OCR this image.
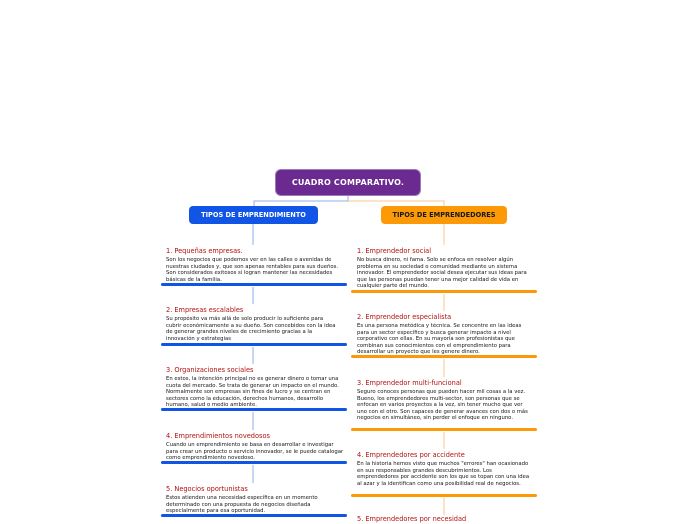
CUADRO COMPARATIVO.
TIPOS DE EMPRENDIMIENTO	TIPOS DE EMPRENDEDORES
1. Pequeñas empresas.
Son los negocios que podemos ver en las calles o avenidas de nuestras ciudades y, que son apenas rentables para sus dueños. Son considerados exitosos si logran mantener las necesidades básicas de la familia.
2. Empresas escalables
Su propósito va más allá de solo producir lo suficiente para cubrir económicamente a su dueño. Son concebidos con la idea de generar grandes niveles de crecimiento gracias a la innovación y estrategias
3. Organizaciones sociales
En estos, la intención principal no es generar dinero o tomar una cuota del mercado. Se trata de generar un impacto en el mundo. Normalmente son empresas sin fines de lucro y se centran en sectores como la educación, derechos humanos, desarrollo humano, salud o medio ambiente.
4. Emprendimientos novedosos
Cuando un emprendimiento se basa en desarrollar e investigar para crear un producto o servicio innovador, se le puede catalogar como emprendimiento novedoso.
5. Negocios oportunistas
Estos atienden una necesidad específica en un momento determinado con una propuesta de negocios diseñada especialmente para esa oportunidad.
1. Emprendedor social
No busca dinero, ni fama. Solo se enfoca en resolver algún problema en su sociedad o comunidad mediante un sistema innovador. El emprendedor social desea ejecutar sus ideas para que las personas puedan tener una mejor calidad de vida en cualquier parte del mundo.
2. Emprendedor especialista
Es una persona metódica y técnica. Se concentre en las ideas para un sector específico y busca generar impacto a nivel corporativo con ellas. En su mayoría son profesionistas que combinan sus conocimientos con el emprendimiento para desarrollar un proyecto que les genere dinero.
3. Emprendedor multi-funcional
Seguro conoces personas que pueden hacer mil cosas a la vez. Bueno, los emprendedores multi-sector, son personas que se enfocan en varios proyectos a la vez, sin tener mucho que ver uno con el otro. Son capaces de generar avances con dos o más negocios en simultáneo, sin perder el enfoque en ninguno.
4. Emprendedores por accidente
En la historia hemos visto que muchos "errores" han ocasionado en sus responsables grandes descubrimientos. Los emprendedores por accidente son los que se topan con una idea al azar y la identifican como una posibilidad real de negocios.
5. Emprendedores por necesidad
